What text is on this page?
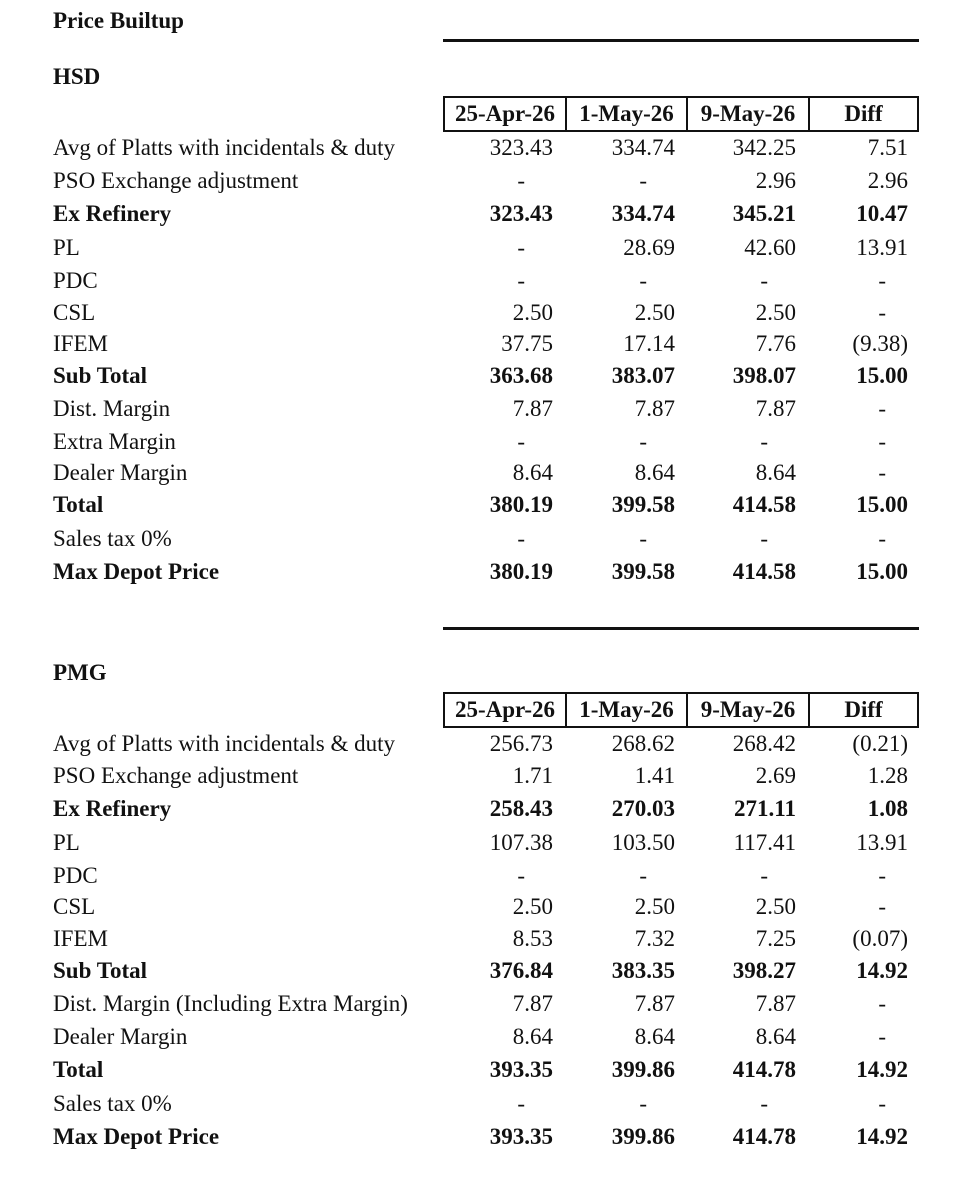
Price Builtup
HSD
25-Apr-26	1-May-26	9-May-26	Diff
Avg of Platts with incidentals & duty	323.43	334.74	342.25	7.51
PSO Exchange adjustment	-	-	2.96	2.96
Ex Refinery	323.43	334.74	345.21	10.47
PL	-	28.69	42.60	13.91
PDC	-	-	-	-
CSL	2.50	2.50	2.50	-
IFEM	37.75	17.14	7.76	(9.38)
Sub Total	363.68	383.07	398.07	15.00
Dist. Margin	7.87	7.87	7.87	-
Extra Margin	-	-	-	-
Dealer Margin	8.64	8.64	8.64	-
Total	380.19	399.58	414.58	15.00
Sales tax 0%	-	-	-	-
Max Depot Price	380.19	399.58	414.58	15.00
PMG
25-Apr-26	1-May-26	9-May-26	Diff
Avg of Platts with incidentals & duty	256.73	268.62	268.42	(0.21)
PSO Exchange adjustment	1.71	1.41	2.69	1.28
Ex Refinery	258.43	270.03	271.11	1.08
PL	107.38	103.50	117.41	13.91
PDC	-	-	-	-
CSL	2.50	2.50	2.50	-
IFEM	8.53	7.32	7.25	(0.07)
Sub Total	376.84	383.35	398.27	14.92
Dist. Margin (Including Extra Margin)	7.87	7.87	7.87	-
Dealer Margin	8.64	8.64	8.64	-
Total	393.35	399.86	414.78	14.92
Sales tax 0%	-	-	-	-
Max Depot Price	393.35	399.86	414.78	14.92
